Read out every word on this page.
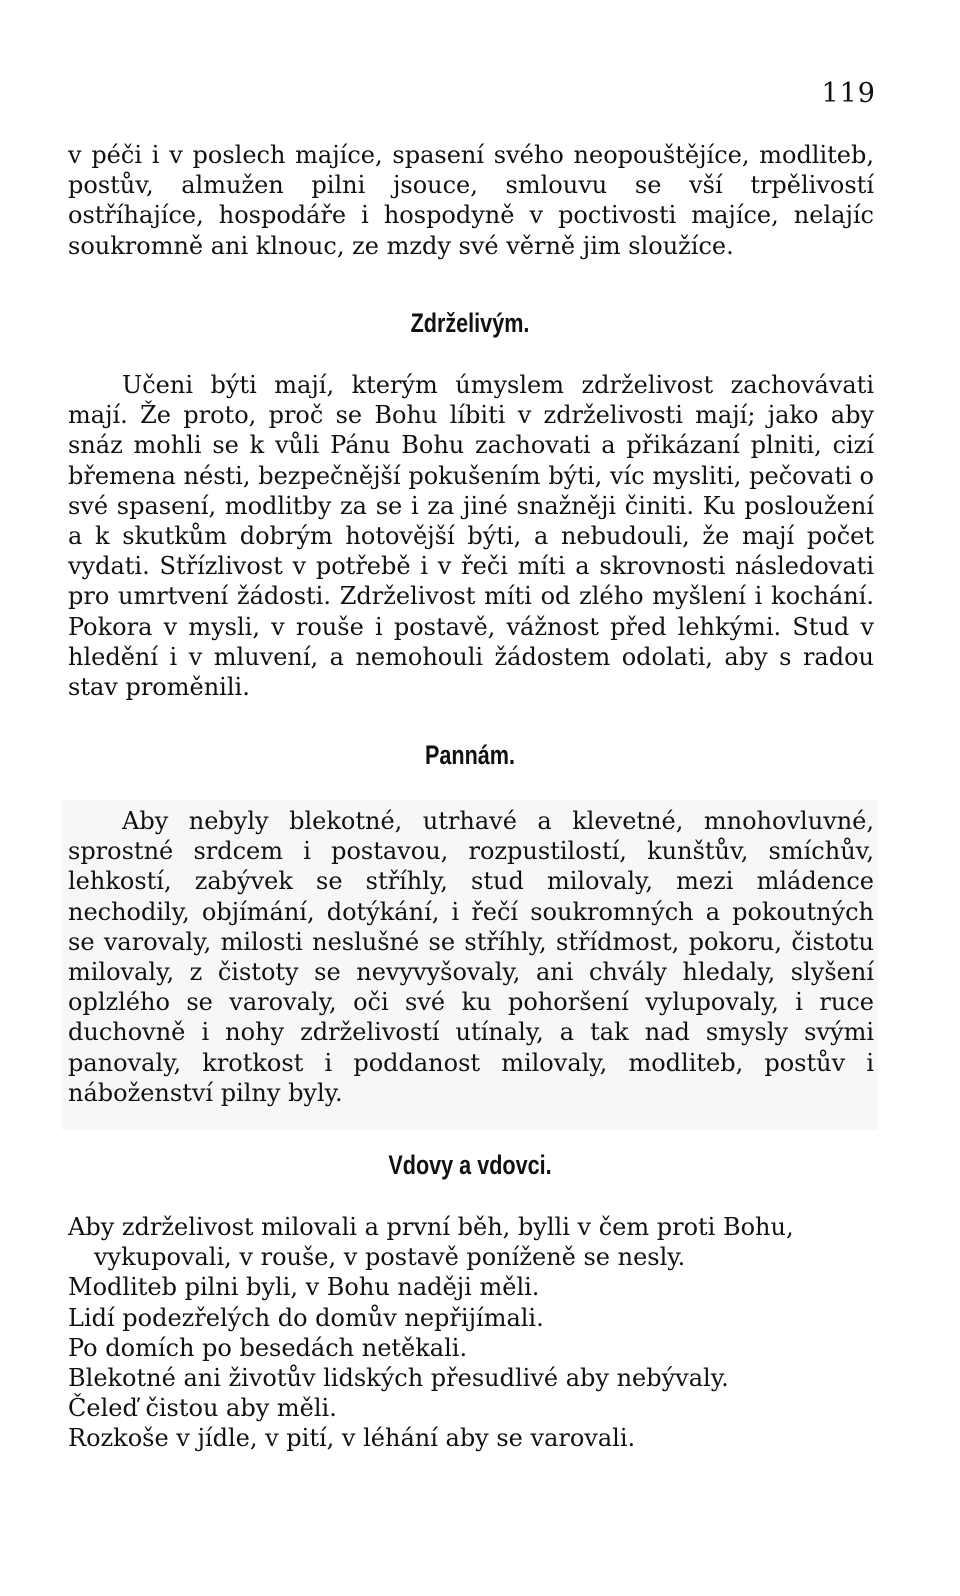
119

v péči i v poslech majíce, spasení svého neopouštějíce, modliteb, postův, almužen pilni jsouce, smlouvu se vší trpělivostí ostříhajíce, hospodáře i hospodyně v poctivosti majíce, nelajíc soukromně ani klnouc, ze mzdy své věrně jim sloužíce.

Zdrželivým.

Učeni býti mají, kterým úmyslem zdrželivost zachovávati mají. Že proto, proč se Bohu líbiti v zdrželivosti mají; jako aby snáz mohli se k vůli Pánu Bohu zachovati a přikázaní plniti, cizí břemena nésti, bezpečnější pokušením býti, víc mysliti, pečovati o své spasení, modlitby za se i za jiné snažněji činiti. Ku posloužení a k skutkům dobrým hotovější býti, a nebudouli, že mají počet vydati. Střízlivost v potřebě i v řeči míti a skrovnosti následovati pro umrtvení žádosti. Zdrželivost míti od zlého myšlení i kochání. Pokora v mysli, v rouše i postavě, vážnost před lehkými. Stud v hledění i v mluvení, a nemohouli žádostem odolati, aby s radou stav proměnili.

Pannám.

Aby nebyly blekotné, utrhavé a klevetné, mnohovluvné, sprostné srdcem i postavou, rozpustilostí, kunštův, smíchův, lehkostí, zabývek se stříhly, stud milovaly, mezi mládence nechodily, objímání, dotýkání, i řečí soukromných a pokoutných se varovaly, milosti neslušné se stříhly, střídmost, pokoru, čistotu milovaly, z čistoty se nevyvyšovaly, ani chvály hledaly, slyšení oplzlého se varovaly, oči své ku pohoršení vylupovaly, i ruce duchovně i nohy zdrželivostí utínaly, a tak nad smysly svými panovaly, krotkost i poddanost milovaly, modliteb, postův i náboženství pilny byly.

Vdovy a vdovci.
Aby zdrželivost milovali a první běh, bylli v čem proti Bohu,
vykupovali, v rouše, v postavě poníženě se nesly.
Modliteb pilni byli, v Bohu naději měli.
Lidí podezřelých do domův nepřijímali.
Po domích po besedách netěkali.
Blekotné ani životův lidských přesudlivé aby nebývaly.
Čeleď čistou aby měli.
Rozkoše v jídle, v pití, v léhání aby se varovali.
